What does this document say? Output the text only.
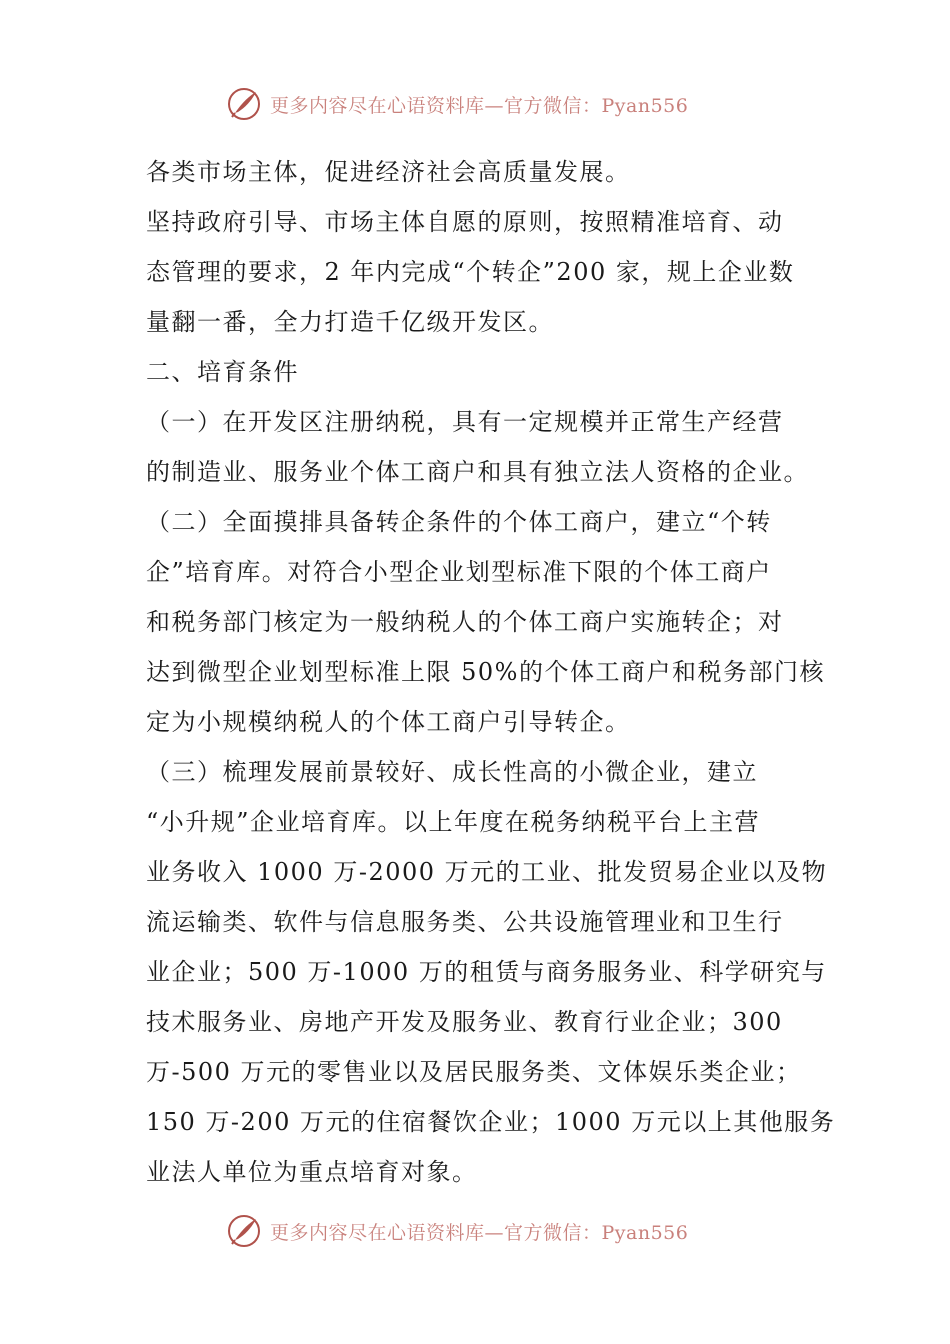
更多内容尽在心语资料库—官方微信：Pyan556
各类市场主体，促进经济社会高质量发展。
坚持政府引导、市场主体自愿的原则，按照精准培育、动
态管理的要求，2 年内完成“个转企”200 家，规上企业数
量翻一番，全力打造千亿级开发区。
二、培育条件
（一）在开发区注册纳税，具有一定规模并正常生产经营
的制造业、服务业个体工商户和具有独立法人资格的企业。
（二）全面摸排具备转企条件的个体工商户，建立“个转
企”培育库。对符合小型企业划型标准下限的个体工商户
和税务部门核定为一般纳税人的个体工商户实施转企；对
达到微型企业划型标准上限 50%的个体工商户和税务部门核
定为小规模纳税人的个体工商户引导转企。
（三）梳理发展前景较好、成长性高的小微企业，建立
“小升规”企业培育库。以上年度在税务纳税平台上主营
业务收入 1000 万-2000 万元的工业、批发贸易企业以及物
流运输类、软件与信息服务类、公共设施管理业和卫生行
业企业；500 万-1000 万的租赁与商务服务业、科学研究与
技术服务业、房地产开发及服务业、教育行业企业；300
万-500 万元的零售业以及居民服务类、文体娱乐类企业；
150 万-200 万元的住宿餐饮企业；1000 万元以上其他服务
业法人单位为重点培育对象。
更多内容尽在心语资料库—官方微信：Pyan556
